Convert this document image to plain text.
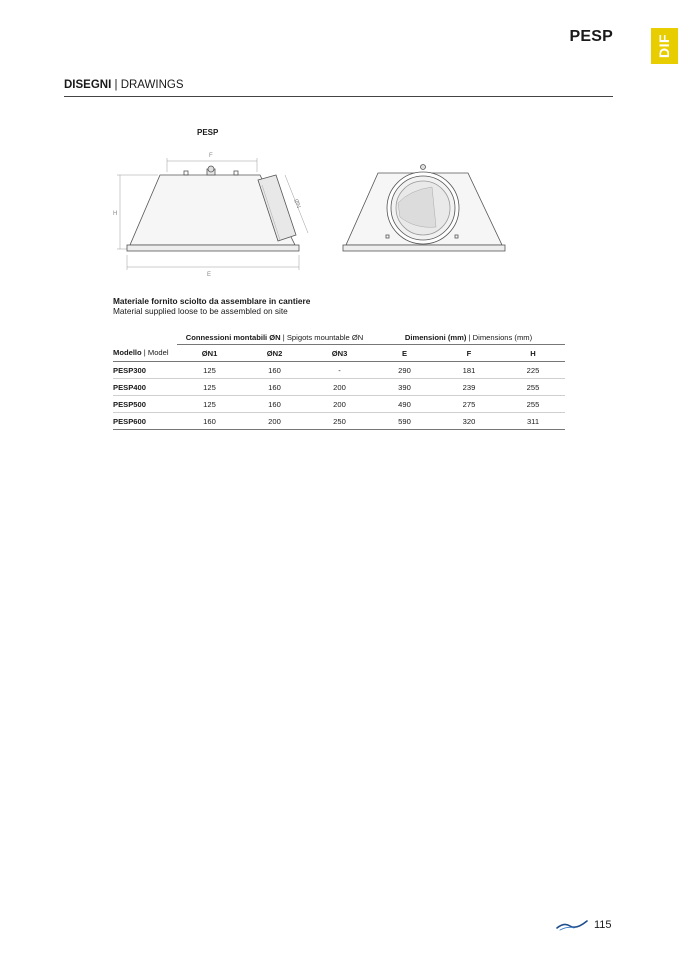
PESP	DIF
DISEGNI | DRAWINGS
PESP
F
H
ØN
E
Materiale fornito sciolto da assemblare in cantiere
Material supplied loose to be assembled on site
	Connessioni montabili ØN | Spigots mountable ØN			Dimensioni (mm) | Dimensions (mm)		
Modello | Model	ØN1	ØN2	ØN3	E	F	H
PESP300	125	160	-	290	181	225
PESP400	125	160	200	390	239	255
PESP500	125	160	200	490	275	255
PESP600	160	200	250	590	320	311
115
